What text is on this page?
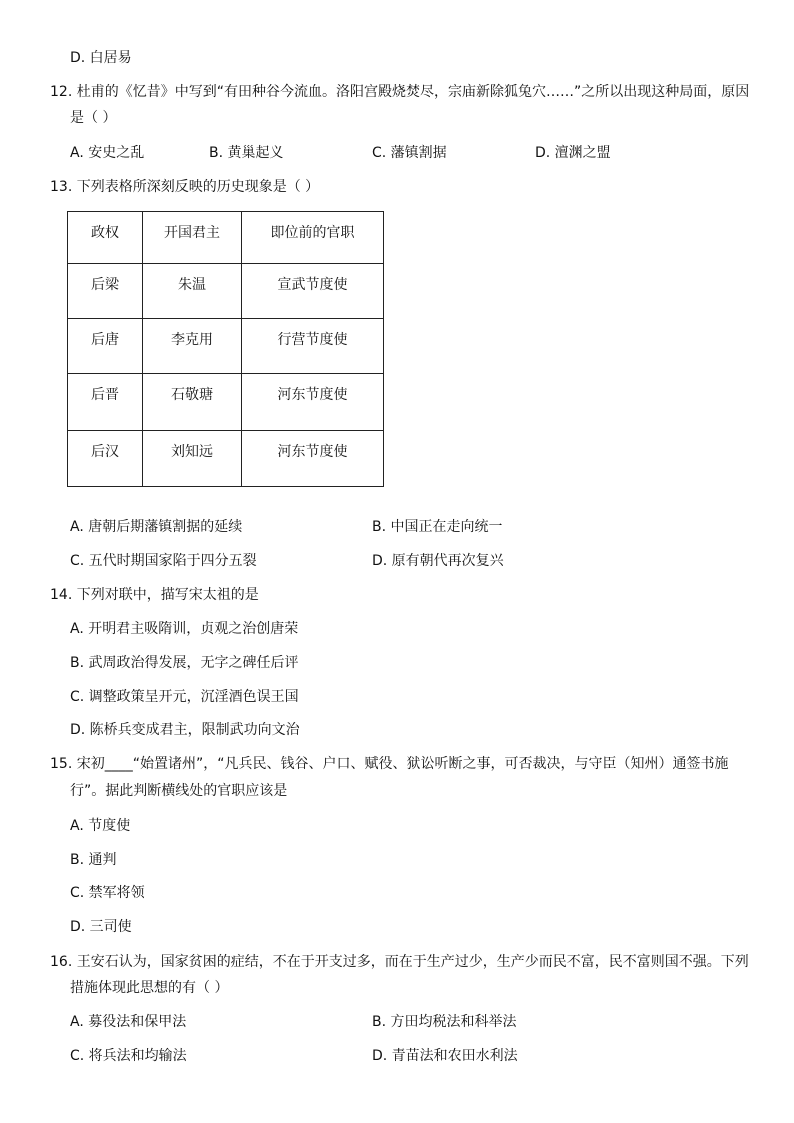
D. 白居易
12. 杜甫的《忆昔》中写到“有田种谷今流血。洛阳宫殿烧焚尽，宗庙新除狐兔穴……”之所以出现这种局面，原因
是（ ）
A. 安史之乱	B. 黄巢起义	C. 藩镇割据	D. 澶渊之盟
13. 下列表格所深刻反映的历史现象是（ ）
政权	开国君主	即位前的官职
后梁	朱温	宣武节度使
后唐	李克用	行营节度使
后晋	石敬瑭	河东节度使
后汉	刘知远	河东节度使
A. 唐朝后期藩镇割据的延续	B. 中国正在走向统一
C. 五代时期国家陷于四分五裂	D. 原有朝代再次复兴
14. 下列对联中，描写宋太祖的是
A. 开明君主吸隋训，贞观之治创唐荣
B. 武周政治得发展，无字之碑任后评
C. 调整政策呈开元，沉淫酒色误王国
D. 陈桥兵变成君主，限制武功向文治
15. 宋初____“始置诸州”，“凡兵民、钱谷、户口、赋役、狱讼听断之事，可否裁决，与守臣（知州）通签书施
行”。据此判断横线处的官职应该是
A. 节度使
B. 通判
C. 禁军将领
D. 三司使
16. 王安石认为，国家贫困的症结，不在于开支过多，而在于生产过少，生产少而民不富，民不富则国不强。下列
措施体现此思想的有（ ）
A. 募役法和保甲法	B. 方田均税法和科举法
C. 将兵法和均输法	D. 青苗法和农田水利法
